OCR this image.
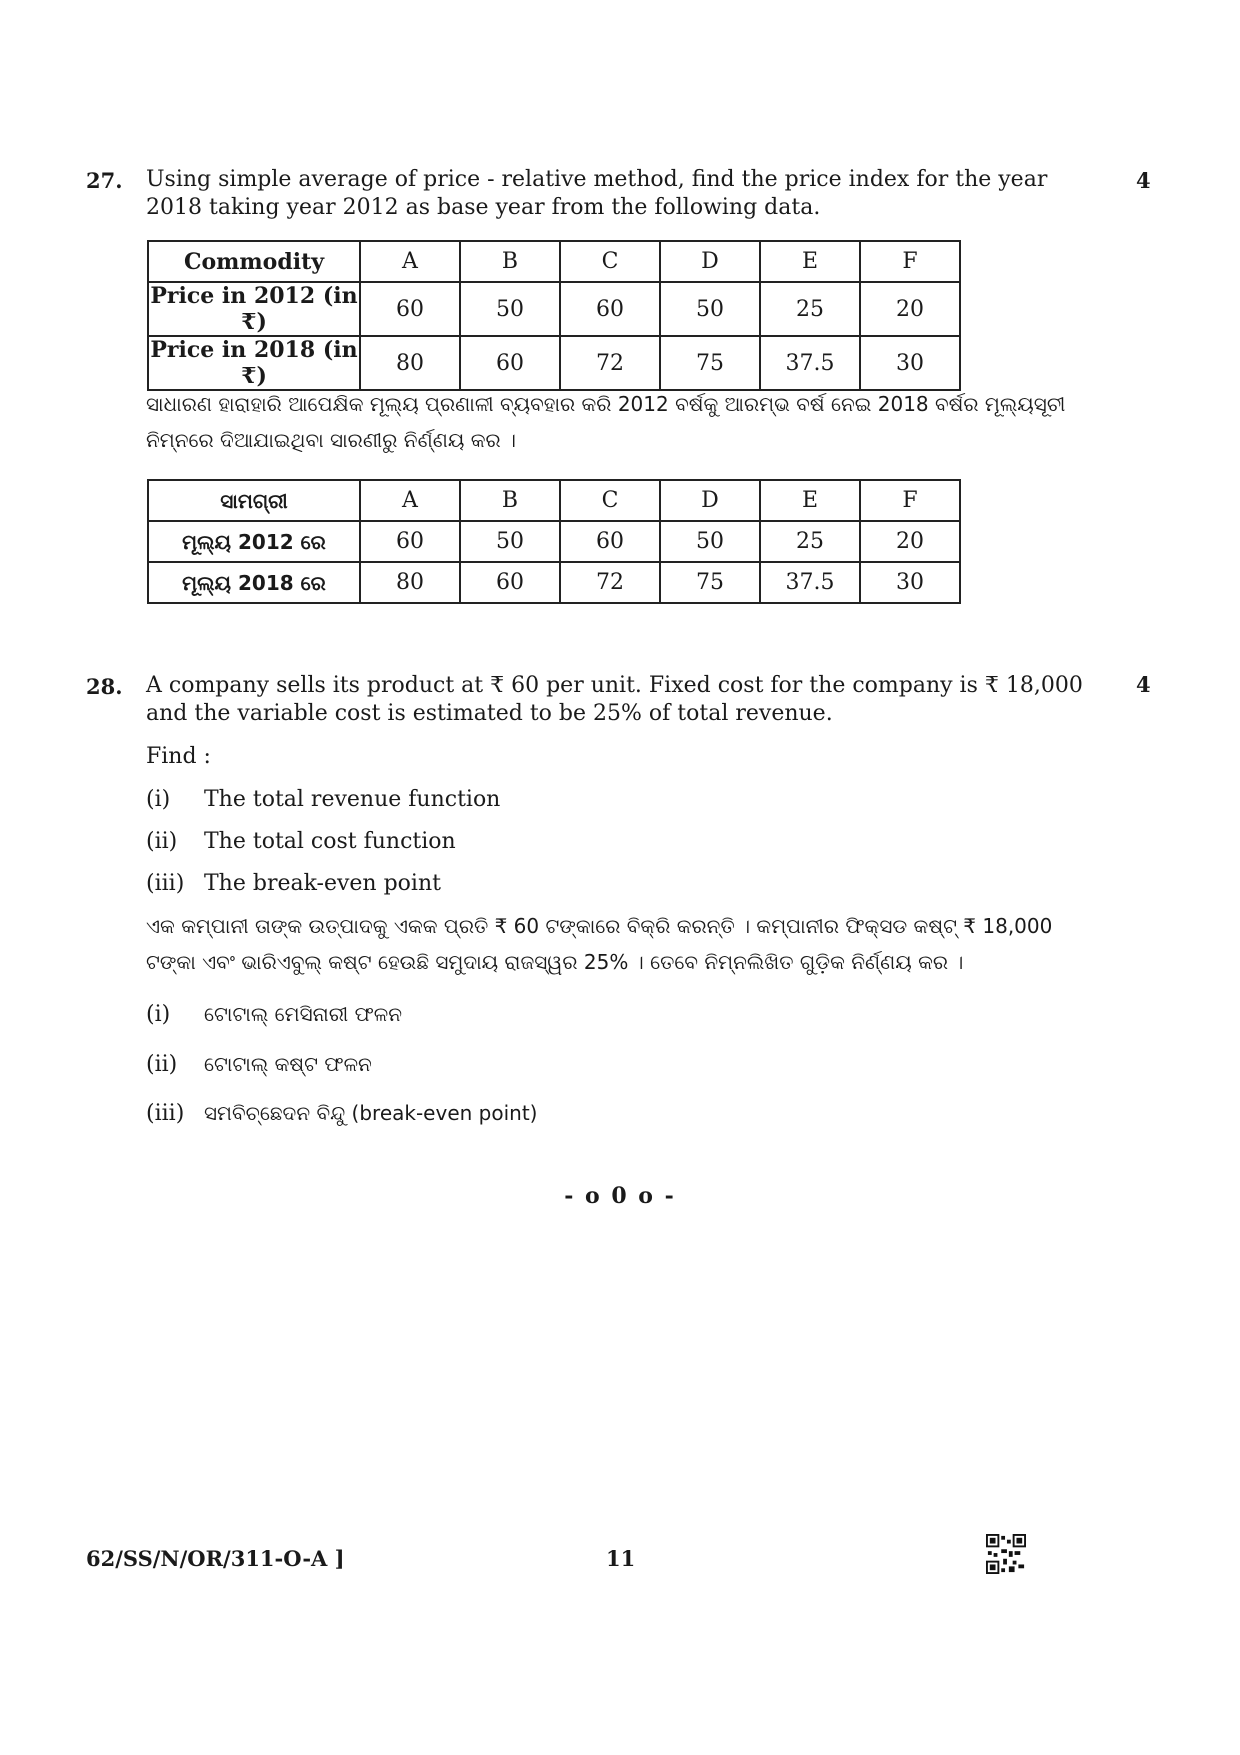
27.	4

Using simple average of price - relative method, find the price index for the year 2018 taking year 2012 as base year from the following data.

Commodity	A	B	C	D	E	F
Price in 2012 (in ₹)	60	50	60	50	25	20
Price in 2018 (in ₹)	80	60	72	75	37.5	30

ସାଧାରଣ ହାରାହାରି ଆପେକ୍ଷିକ ମୂଲ୍ୟ ପ୍ରଣାଳୀ ବ୍ୟବହାର କରି 2012 ବର୍ଷକୁ ଆରମ୍ଭ ବର୍ଷ ନେଇ 2018 ବର୍ଷର ମୂଲ୍ୟସୂଚୀ ନିମ୍ନରେ ଦିଆଯାଇଥିବା ସାରଣୀରୁ ନିର୍ଣ୍ଣୟ କର ।

ସାମଗ୍ରୀ	A	B	C	D	E	F
ମୂଲ୍ୟ 2012 ରେ	60	50	60	50	25	20
ମୂଲ୍ୟ 2018 ରେ	80	60	72	75	37.5	30
28.	4

A company sells its product at ₹ 60 per unit. Fixed cost for the company is ₹ 18,000 and the variable cost is estimated to be 25% of total revenue.

Find :
(i) The total revenue function
(ii) The total cost function
(iii) The break-even point

ଏକ କମ୍ପାନୀ ତାଙ୍କ ଉତ୍ପାଦକୁ ଏକକ ପ୍ରତି ₹ 60 ଟଙ୍କାରେ ବିକ୍ରି କରନ୍ତି । କମ୍ପାନୀର ଫିକ୍ସଡ କଷ୍ଟ୍ ₹ 18,000 ଟଙ୍କା ଏବଂ ଭାରିଏବୁଲ୍ କଷ୍ଟ ହେଉଛି ସମୁଦାୟ ରାଜସ୍ୱର 25% । ତେବେ ନିମ୍ନଲିଖିତ ଗୁଡ଼ିକ ନିର୍ଣ୍ଣୟ କର ।

(i) ଟୋଟାଲ୍ ମେସିନାରୀ ଫଳନ
(ii) ଟୋଟାଲ୍ କଷ୍ଟ ଫଳନ
(iii) ସମବିଚ୍ଛେଦନ ବିନ୍ଦୁ (break-even point)
- o 0 o -
62/SS/N/OR/311-O-A ]	11
